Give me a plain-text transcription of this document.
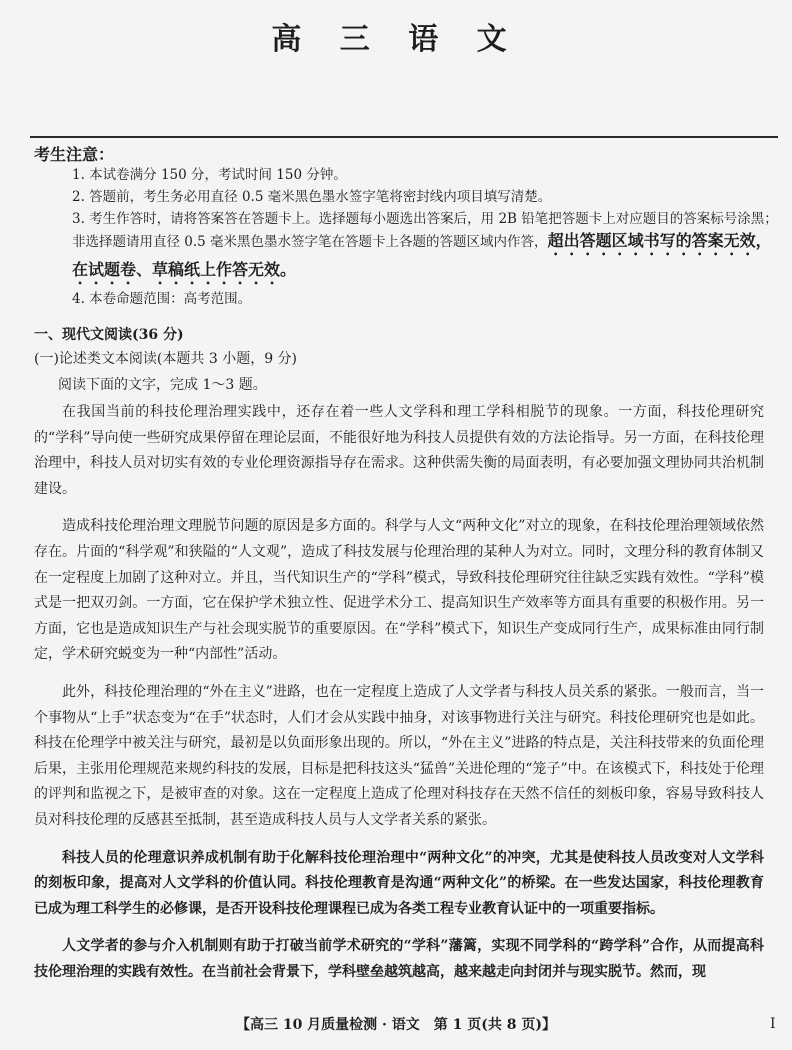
高 三 语 文
考生注意：

1. 本试卷满分 150 分，考试时间 150 分钟。

2. 答题前，考生务必用直径 0.5 毫米黑色墨水签字笔将密封线内项目填写清楚。

3. 考生作答时，请将答案答在答题卡上。选择题每小题选出答案后，用 2B 铅笔把答题卡上对应题目的答案标号涂黑；非选择题请用直径 0.5 毫米黑色墨水签字笔在答题卡上各题的答题区域内作答，超出答题区域书写的答案无效，在试题卷、草稿纸上作答无效。

4. 本卷命题范围：高考范围。

一、现代文阅读(36 分)
(一)论述类文本阅读(本题共 3 小题，9 分)
阅读下面的文字，完成 1～3 题。

在我国当前的科技伦理治理实践中，还存在着一些人文学科和理工学科相脱节的现象。一方面，科技伦理研究的“学科”导向使一些研究成果停留在理论层面，不能很好地为科技人员提供有效的方法论指导。另一方面，在科技伦理治理中，科技人员对切实有效的专业伦理资源指导存在需求。这种供需失衡的局面表明，有必要加强文理协同共治机制建设。

造成科技伦理治理文理脱节问题的原因是多方面的。科学与人文“两种文化”对立的现象，在科技伦理治理领域依然存在。片面的“科学观”和狭隘的“人文观”，造成了科技发展与伦理治理的某种人为对立。同时，文理分科的教育体制又在一定程度上加剧了这种对立。并且，当代知识生产的“学科”模式，导致科技伦理研究往往缺乏实践有效性。“学科”模式是一把双刃剑。一方面，它在保护学术独立性、促进学术分工、提高知识生产效率等方面具有重要的积极作用。另一方面，它也是造成知识生产与社会现实脱节的重要原因。在“学科”模式下，知识生产变成同行生产，成果标准由同行制定，学术研究蜕变为一种“内部性”活动。

此外，科技伦理治理的“外在主义”进路，也在一定程度上造成了人文学者与科技人员关系的紧张。一般而言，当一个事物从“上手”状态变为“在手”状态时，人们才会从实践中抽身，对该事物进行关注与研究。科技伦理研究也是如此。科技在伦理学中被关注与研究，最初是以负面形象出现的。所以，“外在主义”进路的特点是，关注科技带来的负面伦理后果，主张用伦理规范来规约科技的发展，目标是把科技这头“猛兽”关进伦理的“笼子”中。在该模式下，科技处于伦理的评判和监视之下，是被审查的对象。这在一定程度上造成了伦理对科技存在天然不信任的刻板印象，容易导致科技人员对科技伦理的反感甚至抵制，甚至造成科技人员与人文学者关系的紧张。

科技人员的伦理意识养成机制有助于化解科技伦理治理中“两种文化”的冲突，尤其是使科技人员改变对人文学科的刻板印象，提高对人文学科的价值认同。科技伦理教育是沟通“两种文化”的桥梁。在一些发达国家，科技伦理教育已成为理工科学生的必修课，是否开设科技伦理课程已成为各类工程专业教育认证中的一项重要指标。

人文学者的参与介入机制则有助于打破当前学术研究的“学科”藩篱，实现不同学科的“跨学科”合作，从而提高科技伦理治理的实践有效性。在当前社会背景下，学科壁垒越筑越高，越来越走向封闭并与现实脱节。然而，现

【高三 10 月质量检测 · 语文　第 1 页(共 8 页)】	I
